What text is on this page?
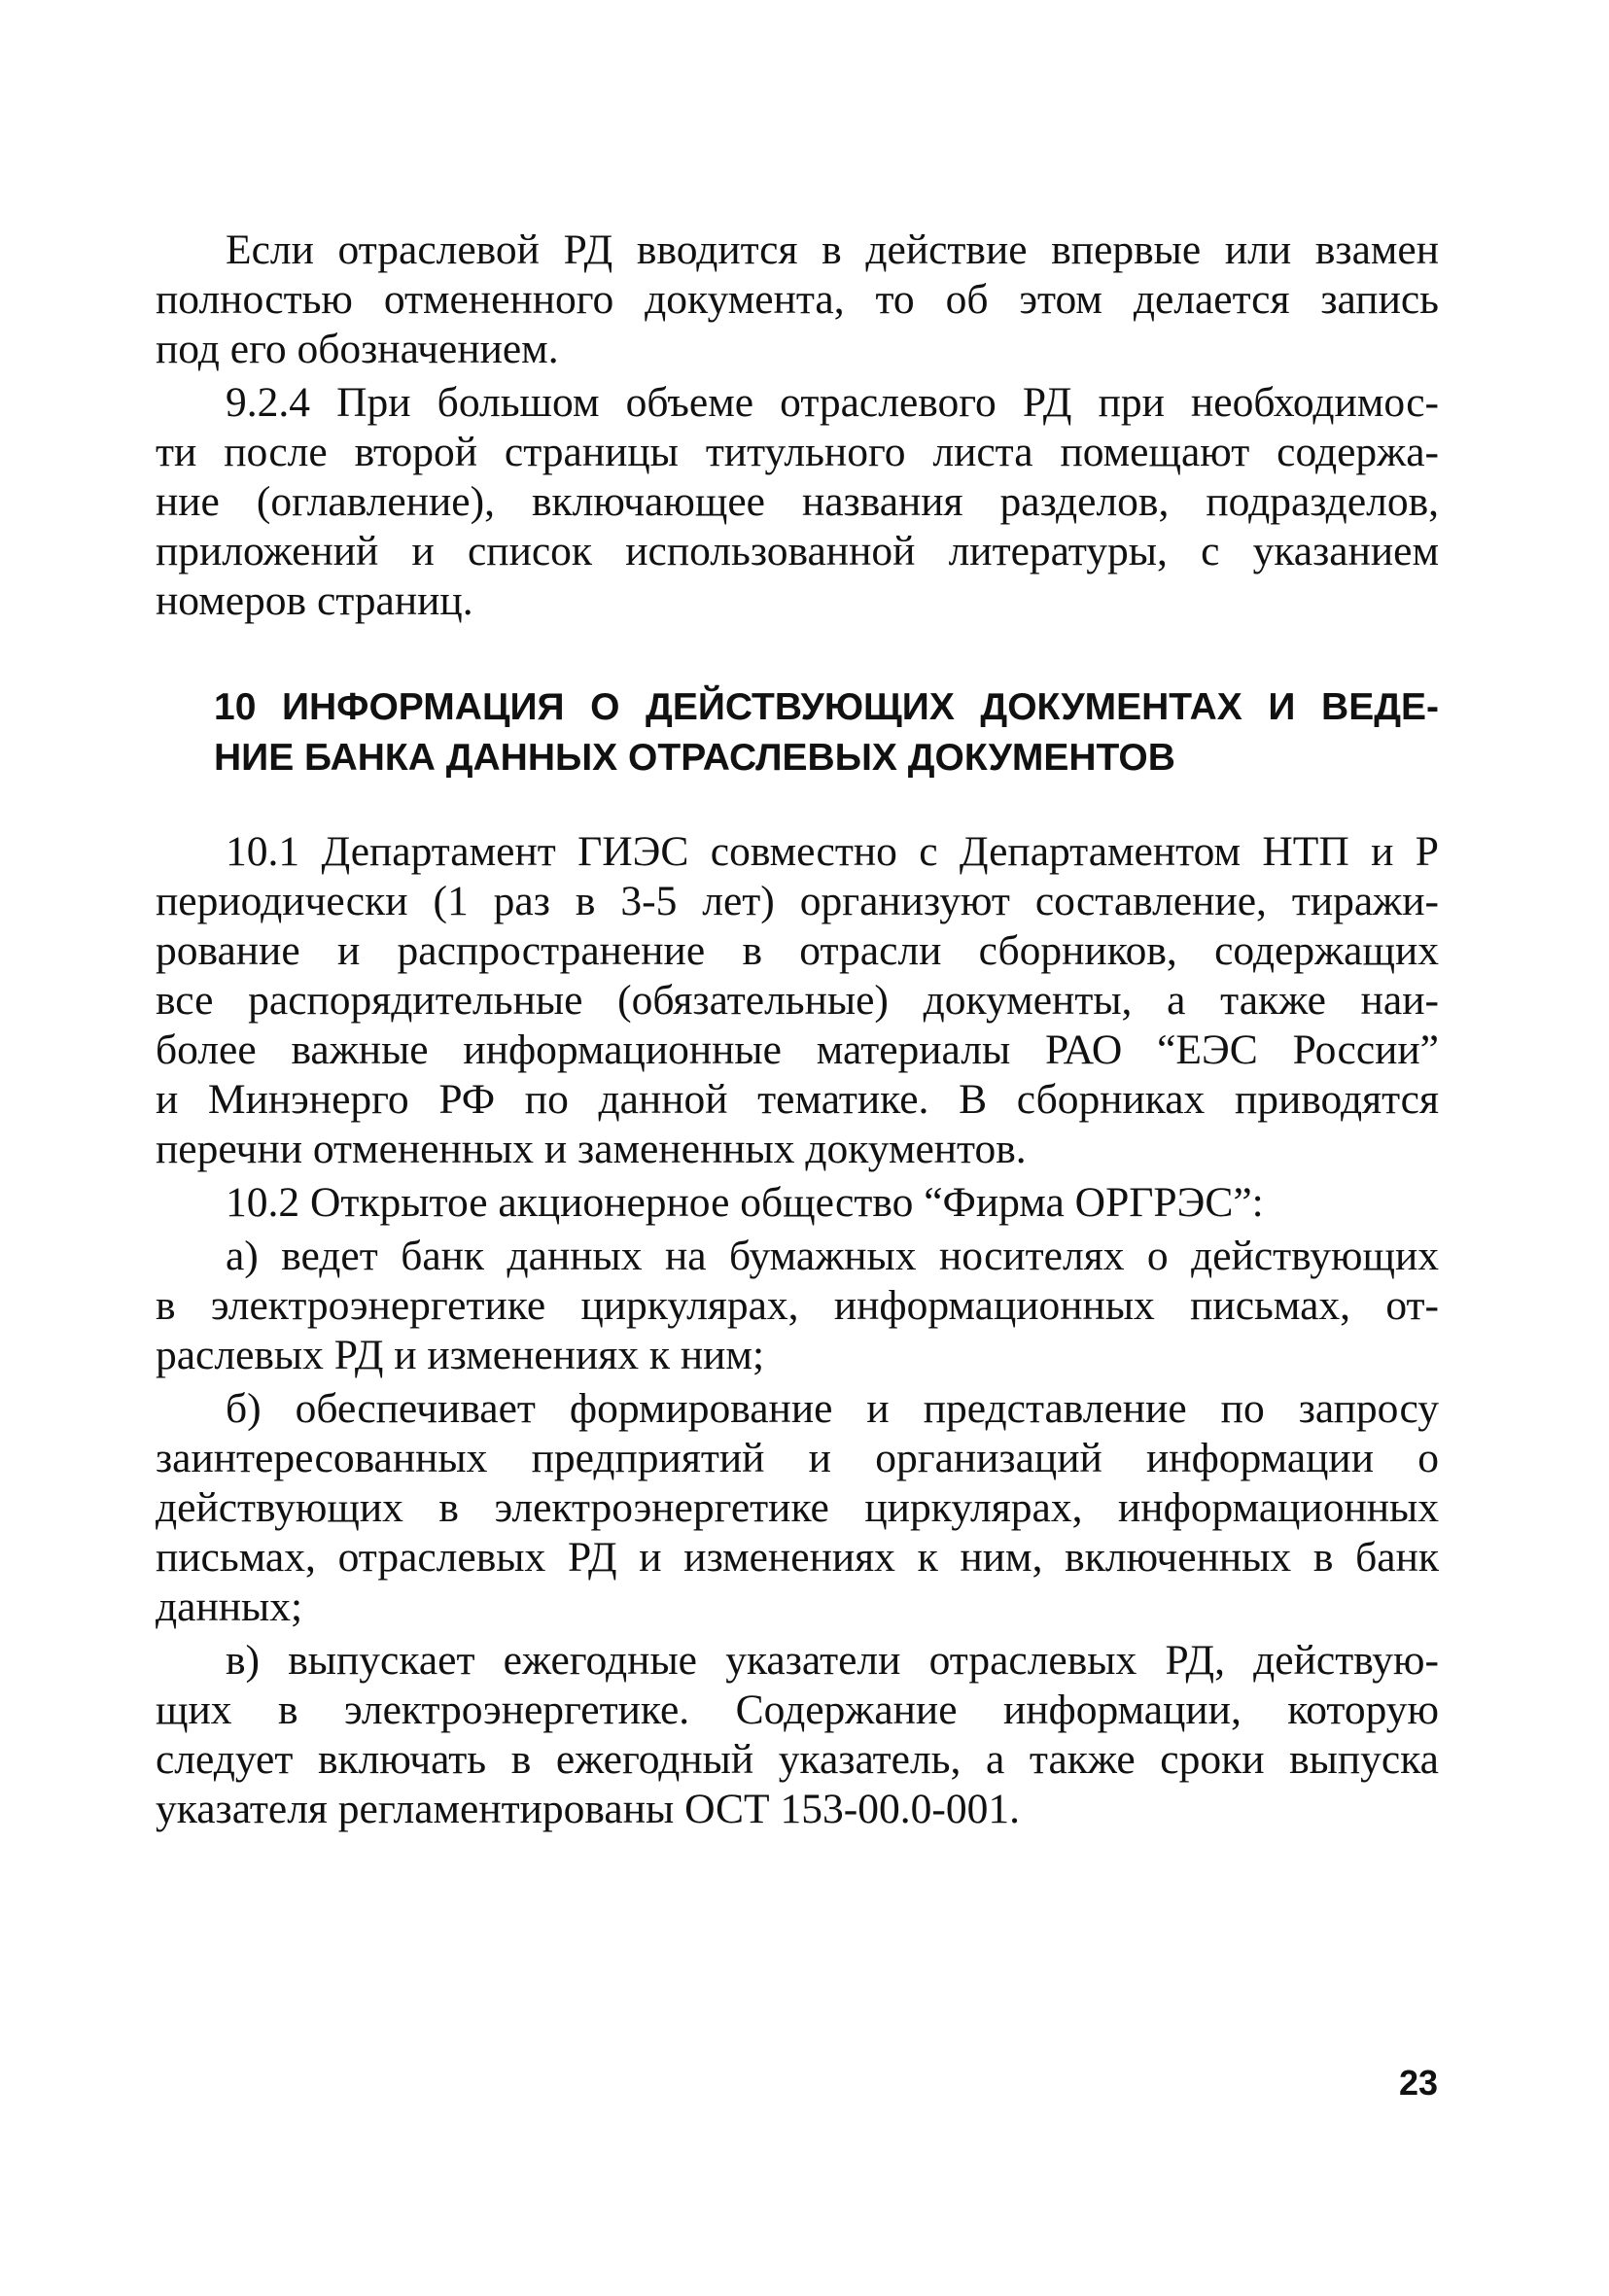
Если отраслевой РД вводится в действие впервые или взамен
полностью отмененного документа, то об этом делается запись
под его обозначением.
9.2.4 При большом объеме отраслевого РД при необходимос-
ти после второй страницы титульного листа помещают содержа-
ние (оглавление), включающее названия разделов, подразделов,
приложений и список использованной литературы, с указанием
номеров страниц.
10 ИНФОРМАЦИЯ О ДЕЙСТВУЮЩИХ ДОКУМЕНТАХ И ВЕДЕ-
НИЕ БАНКА ДАННЫХ ОТРАСЛЕВЫХ ДОКУМЕНТОВ
10.1 Департамент ГИЭС совместно с Департаментом НТП и Р
периодически (1 раз в 3-5 лет) организуют составление, тиражи-
рование и распространение в отрасли сборников, содержащих
все распорядительные (обязательные) документы, а также наи-
более важные информационные материалы РАО “ЕЭС России”
и Минэнерго РФ по данной тематике. В сборниках приводятся
перечни отмененных и замененных документов.
10.2 Открытое акционерное общество “Фирма ОРГРЭС”:
а) ведет банк данных на бумажных носителях о действующих
в электроэнергетике циркулярах, информационных письмах, от-
раслевых РД и изменениях к ним;
б) обеспечивает формирование и представление по запросу
заинтересованных предприятий и организаций информации о
действующих в электроэнергетике циркулярах, информационных
письмах, отраслевых РД и изменениях к ним, включенных в банк
данных;
в) выпускает ежегодные указатели отраслевых РД, действую-
щих в электроэнергетике. Содержание информации, которую
следует включать в ежегодный указатель, а также сроки выпуска
указателя регламентированы ОСТ 153-00.0-001.
23
